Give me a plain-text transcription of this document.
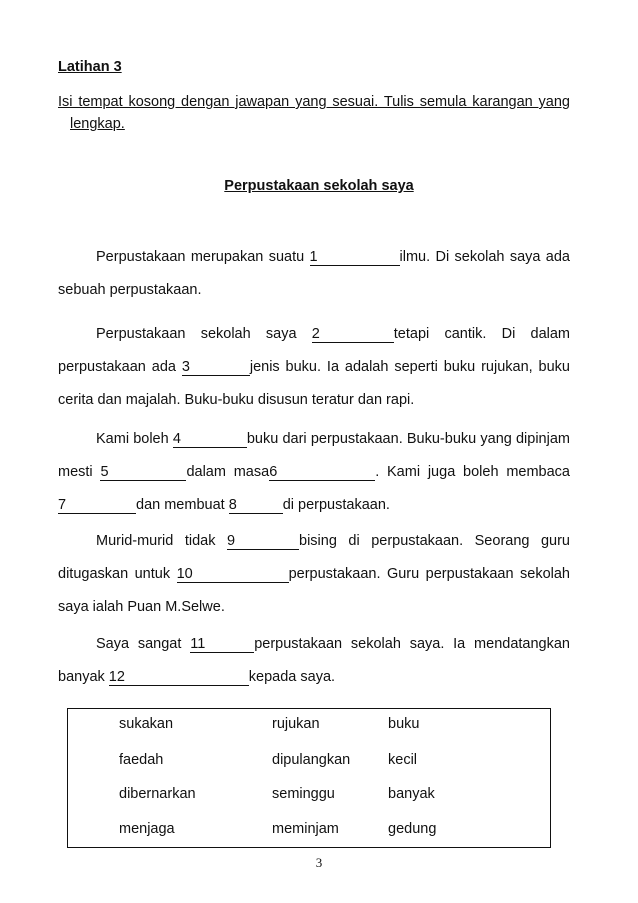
Latihan 3

Isi tempat kosong dengan jawapan yang sesuai. Tulis semula karangan yang lengkap.

Perpustakaan sekolah saya

Perpustakaan merupakan suatu 1	ilmu. Di sekolah saya ada sebuah perpustakaan.

Perpustakaan sekolah saya 2	tetapi cantik. Di dalam perpustakaan ada 3	jenis buku. Ia adalah seperti buku rujukan, buku cerita dan majalah. Buku-buku disusun teratur dan rapi.

Kami boleh 4	buku dari perpustakaan. Buku-buku yang dipinjam mesti 5	dalam masa6	. Kami juga boleh membaca 7	dan membuat 8	di perpustakaan.

Murid-murid tidak 9	bising di perpustakaan. Seorang guru ditugaskan untuk 10	perpustakaan. Guru perpustakaan sekolah saya ialah Puan M.Selwe.

Saya sangat 11	perpustakaan sekolah saya. Ia mendatangkan banyak 12	kepada saya.

sukakan	rujukan	buku

faedah	dipulangkan	kecil

dibernarkan	seminggu	banyak

menjaga	meminjam	gedung

3
